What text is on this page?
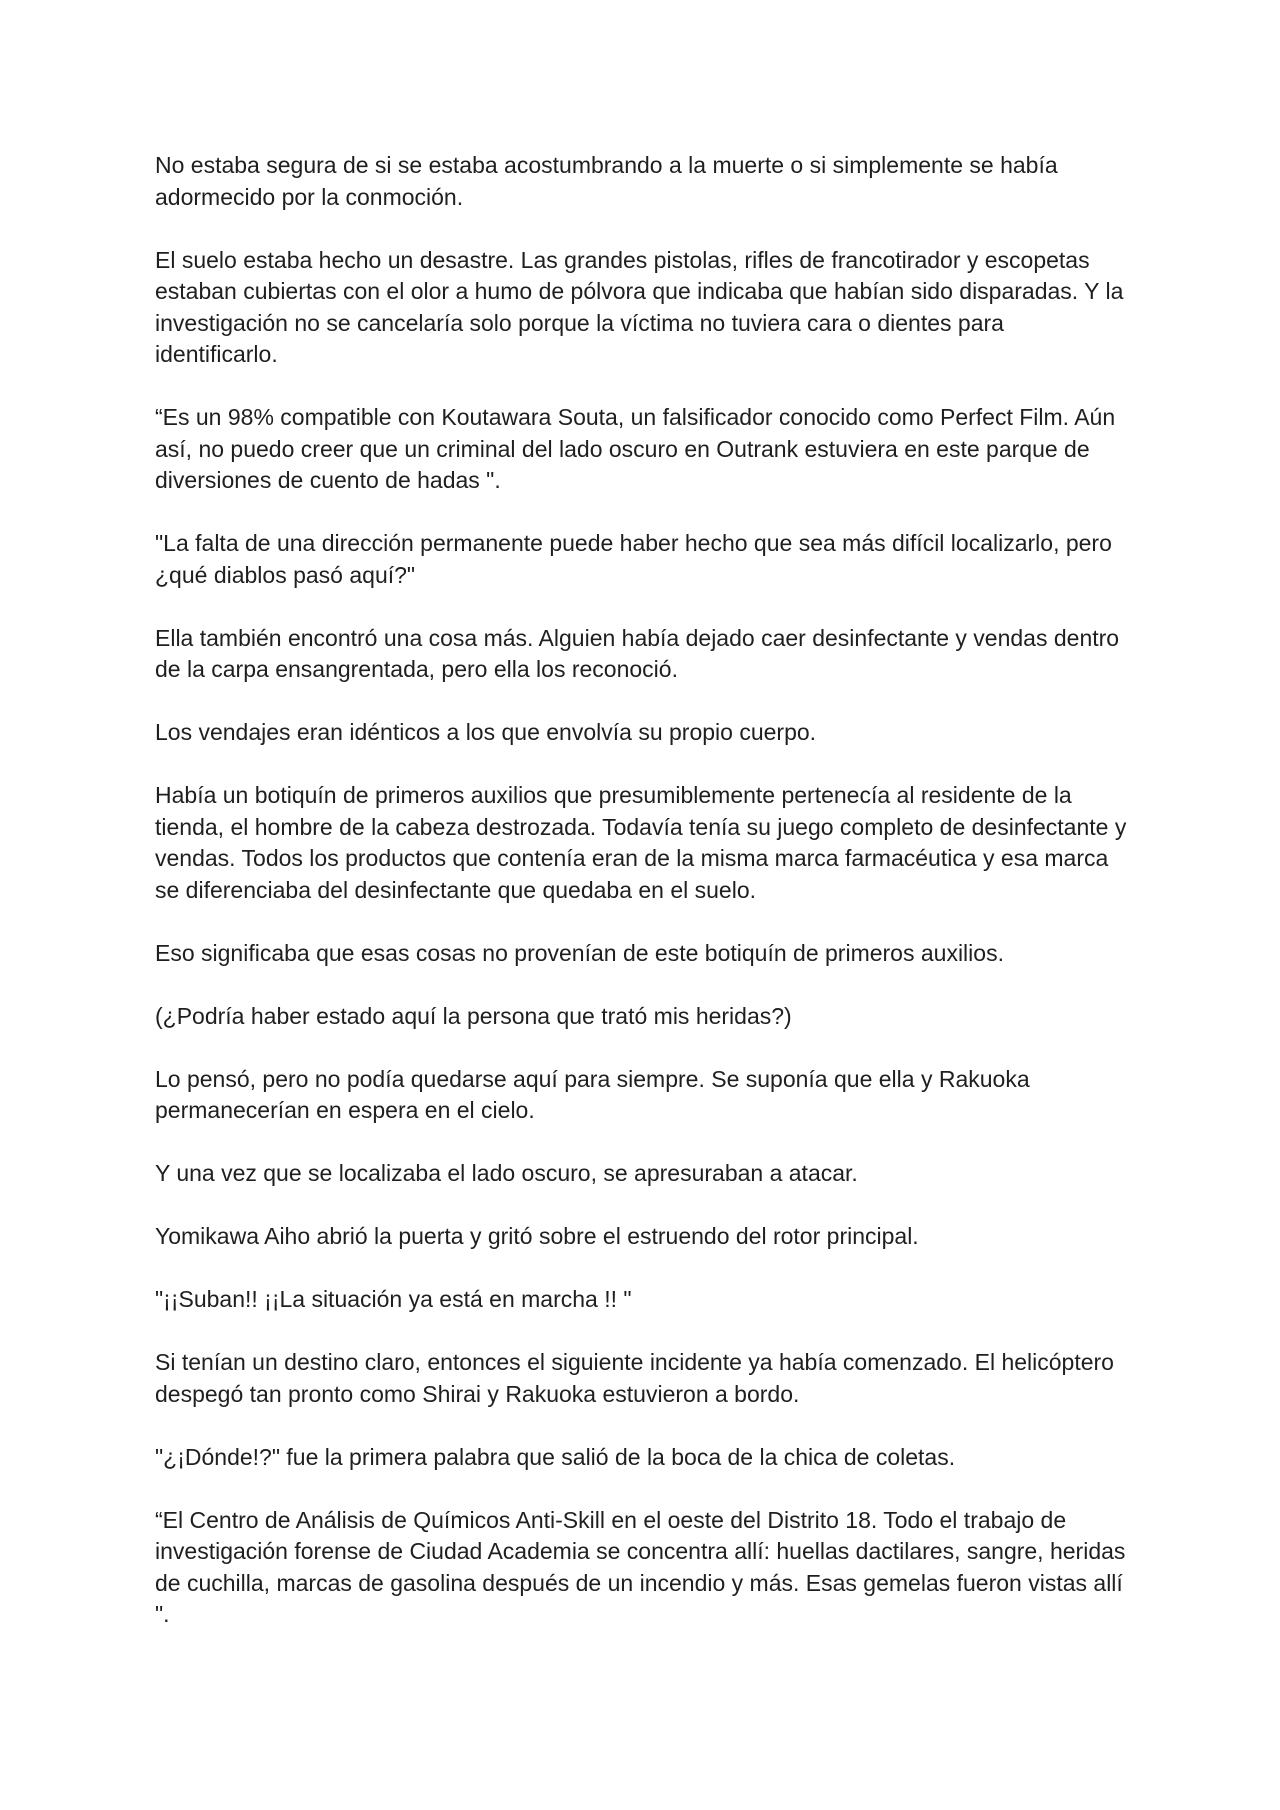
No estaba segura de si se estaba acostumbrando a la muerte o si simplemente se había adormecido por la conmoción.

El suelo estaba hecho un desastre. Las grandes pistolas, rifles de francotirador y escopetas estaban cubiertas con el olor a humo de pólvora que indicaba que habían sido disparadas. Y la investigación no se cancelaría solo porque la víctima no tuviera cara o dientes para identificarlo.

“Es un 98% compatible con Koutawara Souta, un falsificador conocido como Perfect Film. Aún así, no puedo creer que un criminal del lado oscuro en Outrank estuviera en este parque de diversiones de cuento de hadas ".

"La falta de una dirección permanente puede haber hecho que sea más difícil localizarlo, pero ¿qué diablos pasó aquí?"

Ella también encontró una cosa más. Alguien había dejado caer desinfectante y vendas dentro de la carpa ensangrentada, pero ella los reconoció.

Los vendajes eran idénticos a los que envolvía su propio cuerpo.

Había un botiquín de primeros auxilios que presumiblemente pertenecía al residente de la tienda, el hombre de la cabeza destrozada. Todavía tenía su juego completo de desinfectante y vendas. Todos los productos que contenía eran de la misma marca farmacéutica y esa marca se diferenciaba del desinfectante que quedaba en el suelo.

Eso significaba que esas cosas no provenían de este botiquín de primeros auxilios.

(¿Podría haber estado aquí la persona que trató mis heridas?)

Lo pensó, pero no podía quedarse aquí para siempre. Se suponía que ella y Rakuoka permanecerían en espera en el cielo.

Y una vez que se localizaba el lado oscuro, se apresuraban a atacar.

Yomikawa Aiho abrió la puerta y gritó sobre el estruendo del rotor principal.

"¡¡Suban!! ¡¡La situación ya está en marcha !! "

Si tenían un destino claro, entonces el siguiente incidente ya había comenzado. El helicóptero despegó tan pronto como Shirai y Rakuoka estuvieron a bordo.

"¿¡Dónde!?" fue la primera palabra que salió de la boca de la chica de coletas.

“El Centro de Análisis de Químicos Anti-Skill en el oeste del Distrito 18. Todo el trabajo de investigación forense de Ciudad Academia se concentra allí: huellas dactilares, sangre, heridas de cuchilla, marcas de gasolina después de un incendio y más. Esas gemelas fueron vistas allí ".
